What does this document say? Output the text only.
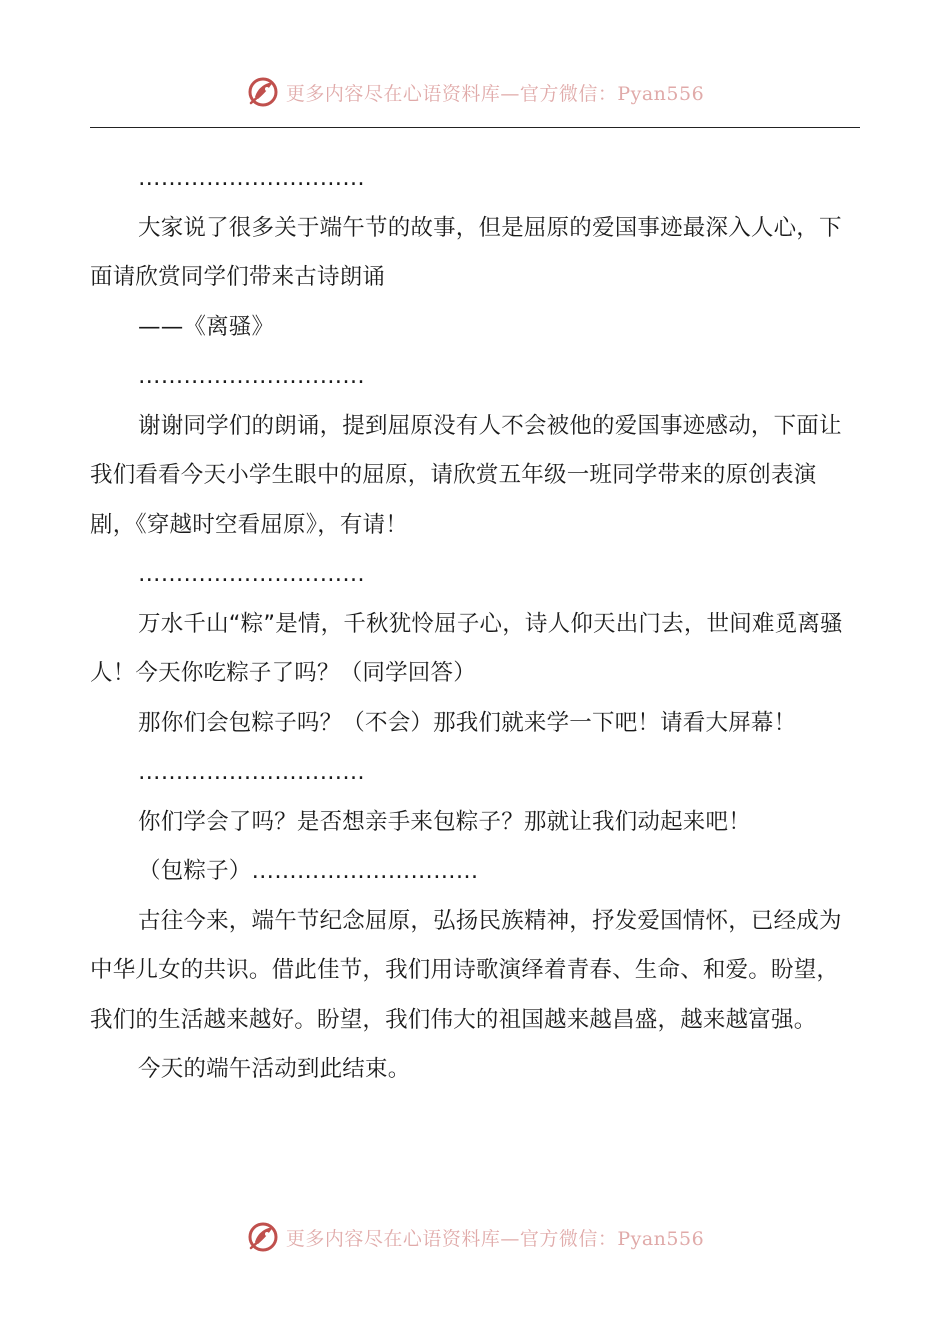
更多内容尽在心语资料库—官方微信：Pyan556

…………………………

大家说了很多关于端午节的故事，但是屈原的爱国事迹最深入人心，下面请欣赏同学们带来古诗朗诵

——《离骚》

…………………………

谢谢同学们的朗诵，提到屈原没有人不会被他的爱国事迹感动，下面让我们看看今天小学生眼中的屈原，请欣赏五年级一班同学带来的原创表演剧，《穿越时空看屈原》，有请！

…………………………

万水千山“粽”是情，千秋犹怜屈子心，诗人仰天出门去，世间难觅离骚人！今天你吃粽子了吗？（同学回答）

那你们会包粽子吗？（不会）那我们就来学一下吧！请看大屏幕！

…………………………

你们学会了吗？是否想亲手来包粽子？那就让我们动起来吧！

（包粽子）…………………………

古往今来，端午节纪念屈原，弘扬民族精神，抒发爱国情怀，已经成为中华儿女的共识。借此佳节，我们用诗歌演绎着青春、生命、和爱。盼望，我们的生活越来越好。盼望，我们伟大的祖国越来越昌盛，越来越富强。

今天的端午活动到此结束。

更多内容尽在心语资料库—官方微信：Pyan556
